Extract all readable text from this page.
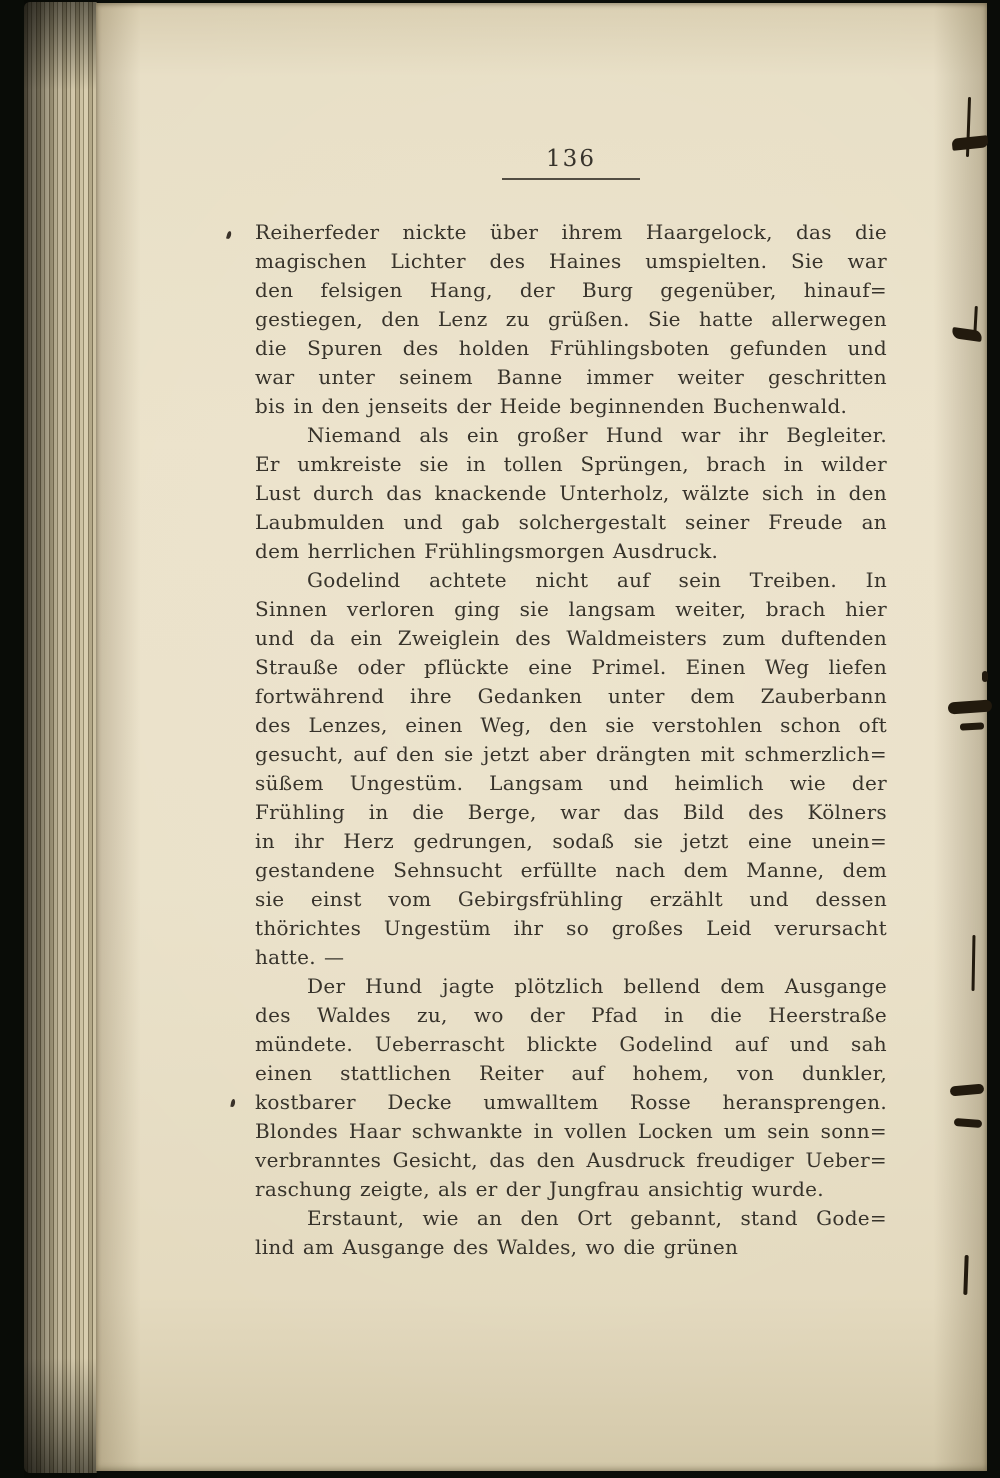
136
Reiherfeder nickte über ihrem Haargelock, das die
magischen Lichter des Haines umspielten. Sie war
den felsigen Hang, der Burg gegenüber, hinauf=
gestiegen, den Lenz zu grüßen. Sie hatte allerwegen
die Spuren des holden Frühlingsboten gefunden und
war unter seinem Banne immer weiter geschritten
bis in den jenseits der Heide beginnenden Buchenwald.
Niemand als ein großer Hund war ihr Begleiter.
Er umkreiste sie in tollen Sprüngen, brach in wilder
Lust durch das knackende Unterholz, wälzte sich in den
Laubmulden und gab solchergestalt seiner Freude an
dem herrlichen Frühlingsmorgen Ausdruck.
Godelind achtete nicht auf sein Treiben. In
Sinnen verloren ging sie langsam weiter, brach hier
und da ein Zweiglein des Waldmeisters zum duftenden
Strauße oder pflückte eine Primel. Einen Weg liefen
fortwährend ihre Gedanken unter dem Zauberbann
des Lenzes, einen Weg, den sie verstohlen schon oft
gesucht, auf den sie jetzt aber drängten mit schmerzlich=
süßem Ungestüm. Langsam und heimlich wie der
Frühling in die Berge, war das Bild des Kölners
in ihr Herz gedrungen, sodaß sie jetzt eine unein=
gestandene Sehnsucht erfüllte nach dem Manne, dem
sie einst vom Gebirgsfrühling erzählt und dessen
thörichtes Ungestüm ihr so großes Leid verursacht
hatte. —
Der Hund jagte plötzlich bellend dem Ausgange
des Waldes zu, wo der Pfad in die Heerstraße
mündete. Ueberrascht blickte Godelind auf und sah
einen stattlichen Reiter auf hohem, von dunkler,
kostbarer Decke umwalltem Rosse heransprengen.
Blondes Haar schwankte in vollen Locken um sein sonn=
verbranntes Gesicht, das den Ausdruck freudiger Ueber=
raschung zeigte, als er der Jungfrau ansichtig wurde.
Erstaunt, wie an den Ort gebannt, stand Gode=
lind am Ausgange des Waldes, wo die grünen
